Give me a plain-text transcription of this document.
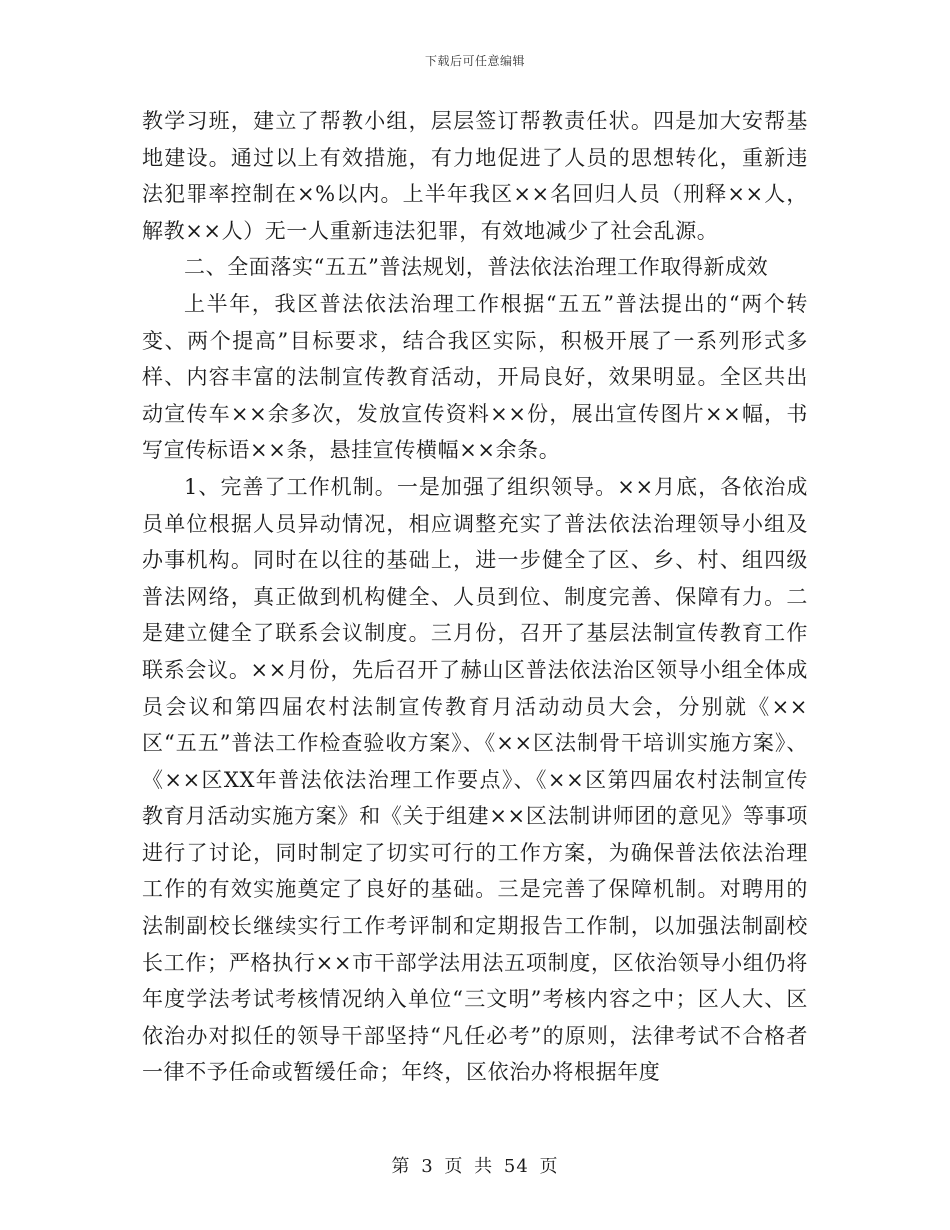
下载后可任意编辑

教学习班，建立了帮教小组，层层签订帮教责任状。四是加大安帮基地建设。通过以上有效措施，有力地促进了人员的思想转化，重新违法犯罪率控制在×%以内。上半年我区××名回归人员（刑释××人，解教××人）无一人重新违法犯罪，有效地减少了社会乱源。

二、全面落实“五五”普法规划，普法依法治理工作取得新成效

上半年，我区普法依法治理工作根据“五五”普法提出的“两个转变、两个提高”目标要求，结合我区实际，积极开展了一系列形式多样、内容丰富的法制宣传教育活动，开局良好，效果明显。全区共出动宣传车××余多次，发放宣传资料××份，展出宣传图片××幅，书写宣传标语××条，悬挂宣传横幅××余条。

1、完善了工作机制。一是加强了组织领导。××月底，各依治成员单位根据人员异动情况，相应调整充实了普法依法治理领导小组及办事机构。同时在以往的基础上，进一步健全了区、乡、村、组四级普法网络，真正做到机构健全、人员到位、制度完善、保障有力。二是建立健全了联系会议制度。三月份，召开了基层法制宣传教育工作联系会议。××月份，先后召开了赫山区普法依法治区领导小组全体成员会议和第四届农村法制宣传教育月活动动员大会，分别就《××区“五五”普法工作检查验收方案》、《××区法制骨干培训实施方案》、《××区XX年普法依法治理工作要点》、《××区第四届农村法制宣传教育月活动实施方案》和《关于组建××区法制讲师团的意见》等事项进行了讨论，同时制定了切实可行的工作方案，为确保普法依法治理工作的有效实施奠定了良好的基础。三是完善了保障机制。对聘用的法制副校长继续实行工作考评制和定期报告工作制，以加强法制副校长工作；严格执行××市干部学法用法五项制度，区依治领导小组仍将年度学法考试考核情况纳入单位“三文明”考核内容之中；区人大、区依治办对拟任的领导干部坚持“凡任必考”的原则，法律考试不合格者一律不予任命或暂缓任命；年终，区依治办将根据年度

第 3 页 共 54 页
